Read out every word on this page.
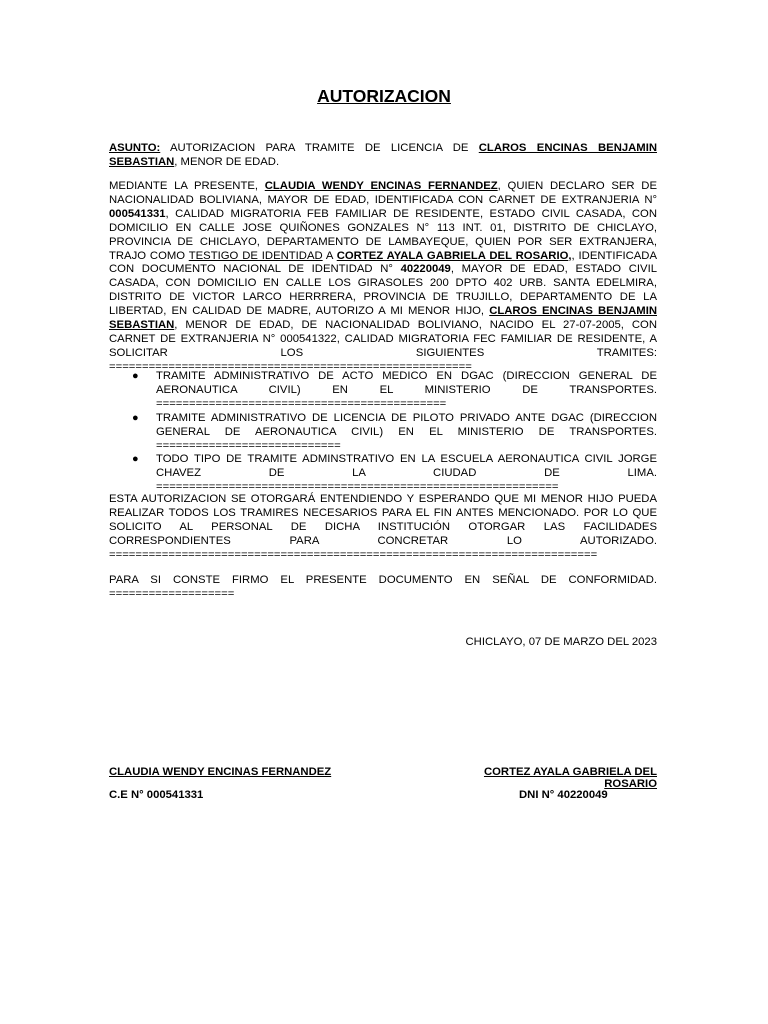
AUTORIZACION
ASUNTO: AUTORIZACION PARA TRAMITE DE LICENCIA DE CLAROS ENCINAS BENJAMIN SEBASTIAN, MENOR DE EDAD.
MEDIANTE LA PRESENTE, CLAUDIA WENDY ENCINAS FERNANDEZ, QUIEN DECLARO SER DE NACIONALIDAD BOLIVIANA, MAYOR DE EDAD, IDENTIFICADA CON CARNET DE EXTRANJERIA N° 000541331, CALIDAD MIGRATORIA FEB FAMILIAR DE RESIDENTE, ESTADO CIVIL CASADA, CON DOMICILIO EN CALLE JOSE QUIÑONES GONZALES N° 113 INT. 01, DISTRITO DE CHICLAYO, PROVINCIA DE CHICLAYO, DEPARTAMENTO DE LAMBAYEQUE, QUIEN POR SER EXTRANJERA, TRAJO COMO TESTIGO DE IDENTIDAD A CORTEZ AYALA GABRIELA DEL ROSARIO,, IDENTIFICADA CON DOCUMENTO NACIONAL DE IDENTIDAD N° 40220049, MAYOR DE EDAD, ESTADO CIVIL CASADA, CON DOMICILIO EN CALLE LOS GIRASOLES 200 DPTO 402 URB. SANTA EDELMIRA, DISTRITO DE VICTOR LARCO HERRRERA, PROVINCIA DE TRUJILLO, DEPARTAMENTO DE LA LIBERTAD, EN CALIDAD DE MADRE, AUTORIZO A MI MENOR HIJO, CLAROS ENCINAS BENJAMIN SEBASTIAN, MENOR DE EDAD, DE NACIONALIDAD BOLIVIANO, NACIDO EL 27-07-2005, CON CARNET DE EXTRANJERIA N° 000541322, CALIDAD MIGRATORIA FEC FAMILIAR DE RESIDENTE, A SOLICITAR LOS SIGUIENTES TRAMITES:
=======================================================
● TRAMITE ADMINISTRATIVO DE ACTO MEDICO EN DGAC (DIRECCION GENERAL DE AERONAUTICA CIVIL) EN EL MINISTERIO DE TRANSPORTES. ============================================
● TRAMITE ADMINISTRATIVO DE LICENCIA DE PILOTO PRIVADO ANTE DGAC (DIRECCION GENERAL DE AERONAUTICA CIVIL) EN EL MINISTERIO DE TRANSPORTES. ============================
● TODO TIPO DE TRAMITE ADMINSTRATIVO EN LA ESCUELA AERONAUTICA CIVIL JORGE CHAVEZ DE LA CIUDAD DE LIMA. =============================================================
ESTA AUTORIZACION SE OTORGARÁ ENTENDIENDO Y ESPERANDO QUE MI MENOR HIJO PUEDA REALIZAR TODOS LOS TRAMIRES NECESARIOS PARA EL FIN ANTES MENCIONADO. POR LO QUE SOLICITO AL PERSONAL DE DICHA INSTITUCIÓN OTORGAR LAS FACILIDADES CORRESPONDIENTES PARA CONCRETAR LO AUTORIZADO.
==========================================================================
PARA SI CONSTE FIRMO EL PRESENTE DOCUMENTO EN SEÑAL DE CONFORMIDAD.
===================
CHICLAYO, 07 DE MARZO DEL 2023
CLAUDIA WENDY ENCINAS FERNANDEZ
C.E N° 000541331
CORTEZ AYALA GABRIELA DEL ROSARIO
DNI N° 40220049
